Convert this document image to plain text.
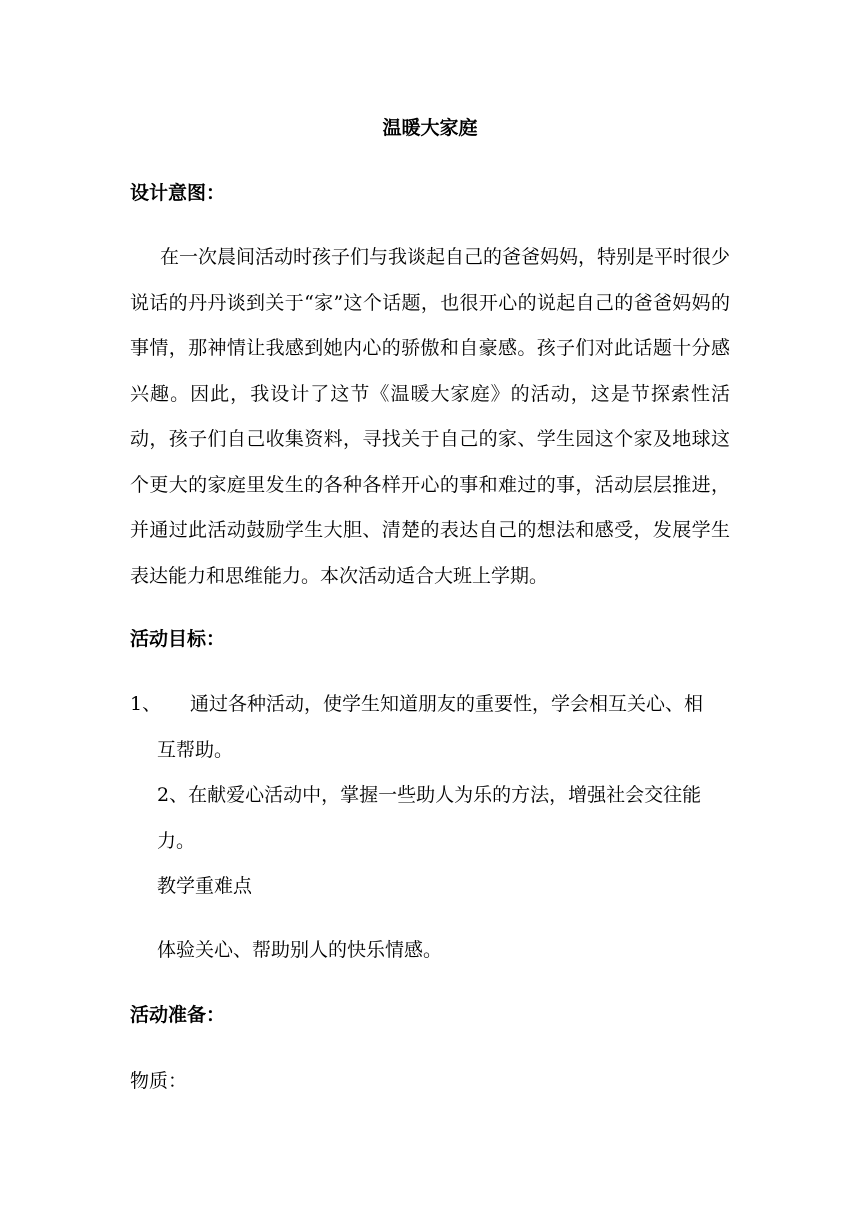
温暖大家庭
设计意图：
在一次晨间活动时孩子们与我谈起自己的爸爸妈妈，特别是平时很少说话的丹丹谈到关于“家”这个话题，也很开心的说起自己的爸爸妈妈的事情，那神情让我感到她内心的骄傲和自豪感。孩子们对此话题十分感兴趣。因此，我设计了这节《温暖大家庭》的活动，这是节探索性活动，孩子们自己收集资料，寻找关于自己的家、学生园这个家及地球这个更大的家庭里发生的各种各样开心的事和难过的事，活动层层推进，并通过此活动鼓励学生大胆、清楚的表达自己的想法和感受，发展学生表达能力和思维能力。本次活动适合大班上学期。
活动目标：
1、 通过各种活动，使学生知道朋友的重要性，学会相互关心、相
互帮助。
2、在献爱心活动中，掌握一些助人为乐的方法，增强社会交往能
力。
教学重难点
体验关心、帮助别人的快乐情感。
活动准备：
物质：
